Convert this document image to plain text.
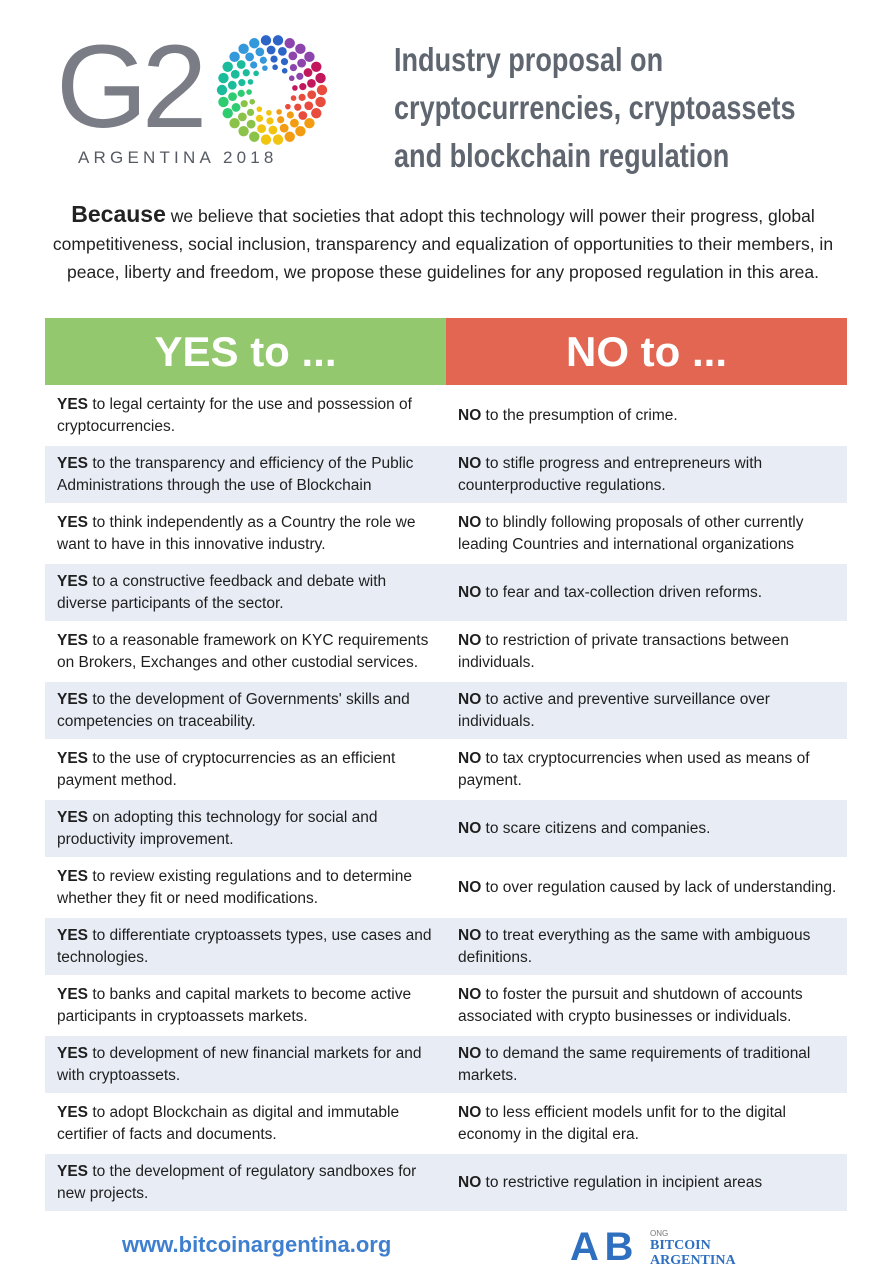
G2
ARGENTINA 2018
Industry proposal on
cryptocurrencies, cryptoassets
and blockchain regulation
Because we believe that societies that adopt this technology will power their progress, global competitiveness, social inclusion, transparency and equalization of opportunities to their members, in peace, liberty and freedom, we propose these guidelines for any proposed regulation in this area.
YES to ...	NO to ...
YES to legal certainty for the use and possession of cryptocurrencies.	NO to the presumption of crime.
YES to the transparency and efficiency of the Public Administrations through the use of Blockchain	NO to stifle progress and entrepreneurs with counterproductive regulations.
YES to think independently as a Country the role we want to have in this innovative industry.	NO to blindly following proposals of other currently leading Countries and international organizations
YES to a constructive feedback and debate with diverse participants of the sector.	NO to fear and tax-collection driven reforms.
YES to a reasonable framework on KYC requirements on Brokers, Exchanges and other custodial services.	NO to restriction of private transactions between individuals.
YES to the development of Governments' skills and competencies on traceability.	NO to active and preventive surveillance over individuals.
YES to the use of cryptocurrencies as an efficient payment method.	NO to tax cryptocurrencies when used as means of payment.
YES on adopting this technology for social and productivity improvement.	NO to scare citizens and companies.
YES to review existing regulations and to determine whether they fit or need modifications.	NO to over regulation caused by lack of understanding.
YES to differentiate cryptoassets types, use cases and technologies.	NO to treat everything as the same with ambiguous definitions.
YES to banks and capital markets to become active participants in cryptoassets markets.	NO to foster the pursuit and shutdown of accounts associated with crypto businesses or individuals.
YES to development of new financial markets for and with cryptoassets.	NO to demand the same requirements of traditional markets.
YES to adopt Blockchain as digital and immutable certifier of facts and documents.	NO to less efficient models unfit for to the digital economy in the digital era.
YES to the development of regulatory sandboxes for new projects.	NO to restrictive regulation in incipient areas
www.bitcoinargentina.org	A B ONG
BITCOIN
ARGENTINA
